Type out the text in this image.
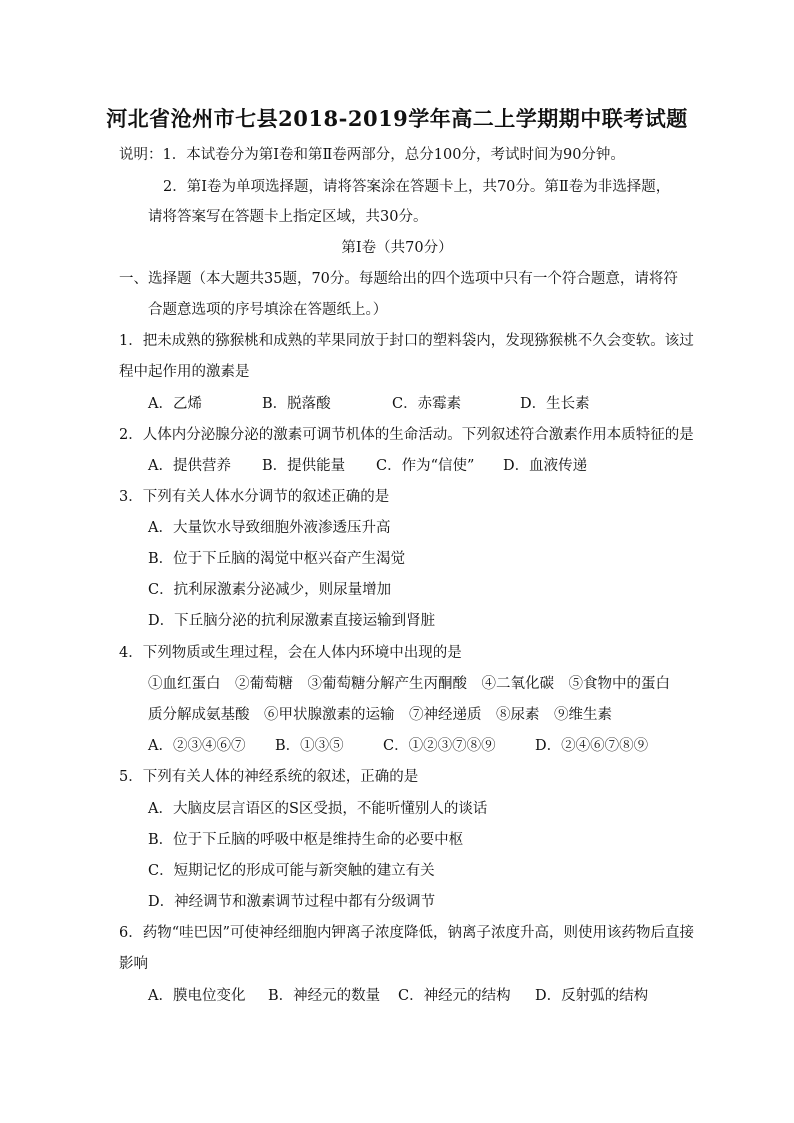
河北省沧州市七县2018-2019学年高二上学期期中联考试题
说明：1．本试卷分为第Ⅰ卷和第Ⅱ卷两部分，总分100分，考试时间为90分钟。
2．第Ⅰ卷为单项选择题，请将答案涂在答题卡上，共70分。第Ⅱ卷为非选择题，
请将答案写在答题卡上指定区域，共30分。
第Ⅰ卷（共70分）
一、选择题（本大题共35题，70分。每题给出的四个选项中只有一个符合题意，请将符
合题意选项的序号填涂在答题纸上。）
1．把未成熟的猕猴桃和成熟的苹果同放于封口的塑料袋内，发现猕猴桃不久会变软。该过
程中起作用的激素是
A．乙烯	B．脱落酸	C．赤霉素	D．生长素
2．人体内分泌腺分泌的激素可调节机体的生命活动。下列叙述符合激素作用本质特征的是
A．提供营养 B．提供能量 C．作为“信使” D．血液传递
3．下列有关人体水分调节的叙述正确的是
A．大量饮水导致细胞外液渗透压升高
B．位于下丘脑的渴觉中枢兴奋产生渴觉
C．抗利尿激素分泌减少，则尿量增加
D．下丘脑分泌的抗利尿激素直接运输到肾脏
4．下列物质或生理过程，会在人体内环境中出现的是
①血红蛋白　②葡萄糖　③葡萄糖分解产生丙酮酸　④二氧化碳　⑤食物中的蛋白
质分解成氨基酸　⑥甲状腺激素的运输　⑦神经递质　⑧尿素　⑨维生素
A．②③④⑥⑦ B．①③⑤	C．①②③⑦⑧⑨	D．②④⑥⑦⑧⑨
5．下列有关人体的神经系统的叙述，正确的是
A．大脑皮层言语区的S区受损，不能听懂别人的谈话
B．位于下丘脑的呼吸中枢是维持生命的必要中枢
C．短期记忆的形成可能与新突触的建立有关
D．神经调节和激素调节过程中都有分级调节
6．药物“哇巴因”可使神经细胞内钾离子浓度降低，钠离子浓度升高，则使用该药物后直接
影响
A．膜电位变化 B．神经元的数量 C．神经元的结构 D．反射弧的结构
